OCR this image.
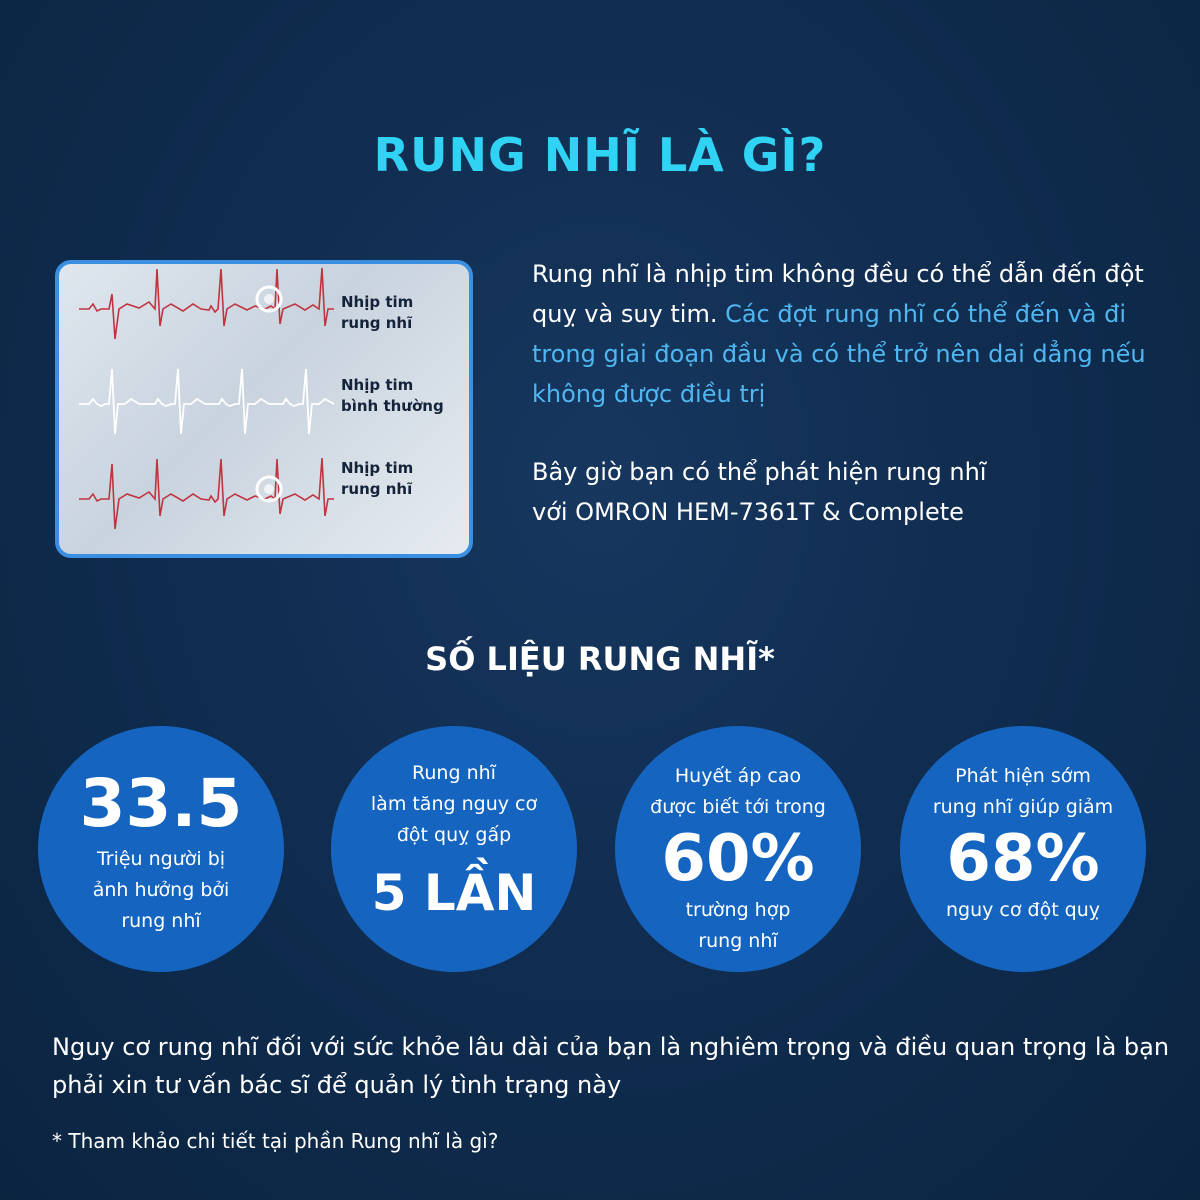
RUNG NHĨ LÀ GÌ?
Nhịp tim
rung nhĩ
Nhịp tim
bình thường
Nhịp tim
rung nhĩ
Rung nhĩ là nhịp tim không đều có thể dẫn đến đột quỵ và suy tim. Các đợt rung nhĩ có thể đến và đi trong giai đoạn đầu và có thể trở nên dai dẳng nếu không được điều trị
Bây giờ bạn có thể phát hiện rung nhĩ
với OMRON HEM-7361T & Complete
SỐ LIỆU RUNG NHĨ*
33.5
Triệu người bị
ảnh hưởng bởi
rung nhĩ
Rung nhĩ
làm tăng nguy cơ
đột quỵ gấp
5 LẦN
Huyết áp cao
được biết tới trong
60%
trường hợp
rung nhĩ
Phát hiện sớm
rung nhĩ giúp giảm
68%
nguy cơ đột quỵ
Nguy cơ rung nhĩ đối với sức khỏe lâu dài của bạn là nghiêm trọng và điều quan trọng là bạn phải xin tư vấn bác sĩ để quản lý tình trạng này
* Tham khảo chi tiết tại phần Rung nhĩ là gì?
